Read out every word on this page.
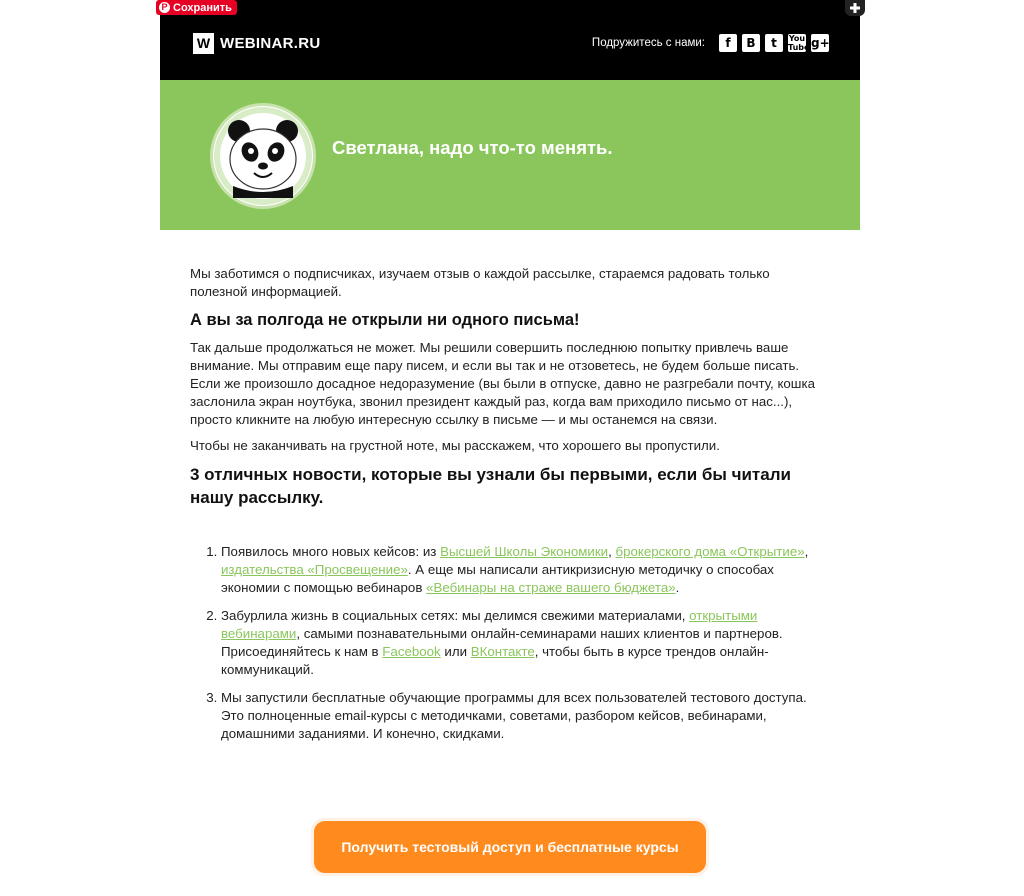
P Сохранить
W WEBINAR.RU	Подружитесь с нами:	f	В	t	You
Tube g+
Светлана, надо что-то менять.

Мы заботимся о подписчиках, изучаем отзыв о каждой рассылке, стараемся радовать только полезной информацией.

А вы за полгода не открыли ни одного письма!

Так дальше продолжаться не может. Мы решили совершить последнюю попытку привлечь ваше внимание. Мы отправим еще пару писем, и если вы так и не отзоветесь, не будем больше писать. Если же произошло досадное недоразумение (вы были в отпуске, давно не разгребали почту, кошка заслонила экран ноутбука, звонил президент каждый раз, когда вам приходило письмо от нас...), просто кликните на любую интересную ссылку в письме — и мы останемся на связи.

Чтобы не заканчивать на грустной ноте, мы расскажем, что хорошего вы пропустили.

3 отличных новости, которые вы узнали бы первыми, если бы читали нашу рассылку.
1. Появилось много новых кейсов: из Высшей Школы Экономики, брокерского дома «Открытие», издательства «Просвещение». А еще мы написали антикризисную методичку о способах экономии с помощью вебинаров «Вебинары на страже вашего бюджета».
2. Забурлила жизнь в социальных сетях: мы делимся свежими материалами, открытыми вебинарами, самыми познавательными онлайн-семинарами наших клиентов и партнеров. Присоединяйтесь к нам в Facebook или ВКонтакте, чтобы быть в курсе трендов онлайн-коммуникаций.
3. Мы запустили бесплатные обучающие программы для всех пользователей тестового доступа. Это полноценные email-курсы с методичками, советами, разбором кейсов, вебинарами, домашними заданиями. И конечно, скидками.
Получить тестовый доступ и бесплатные курсы
